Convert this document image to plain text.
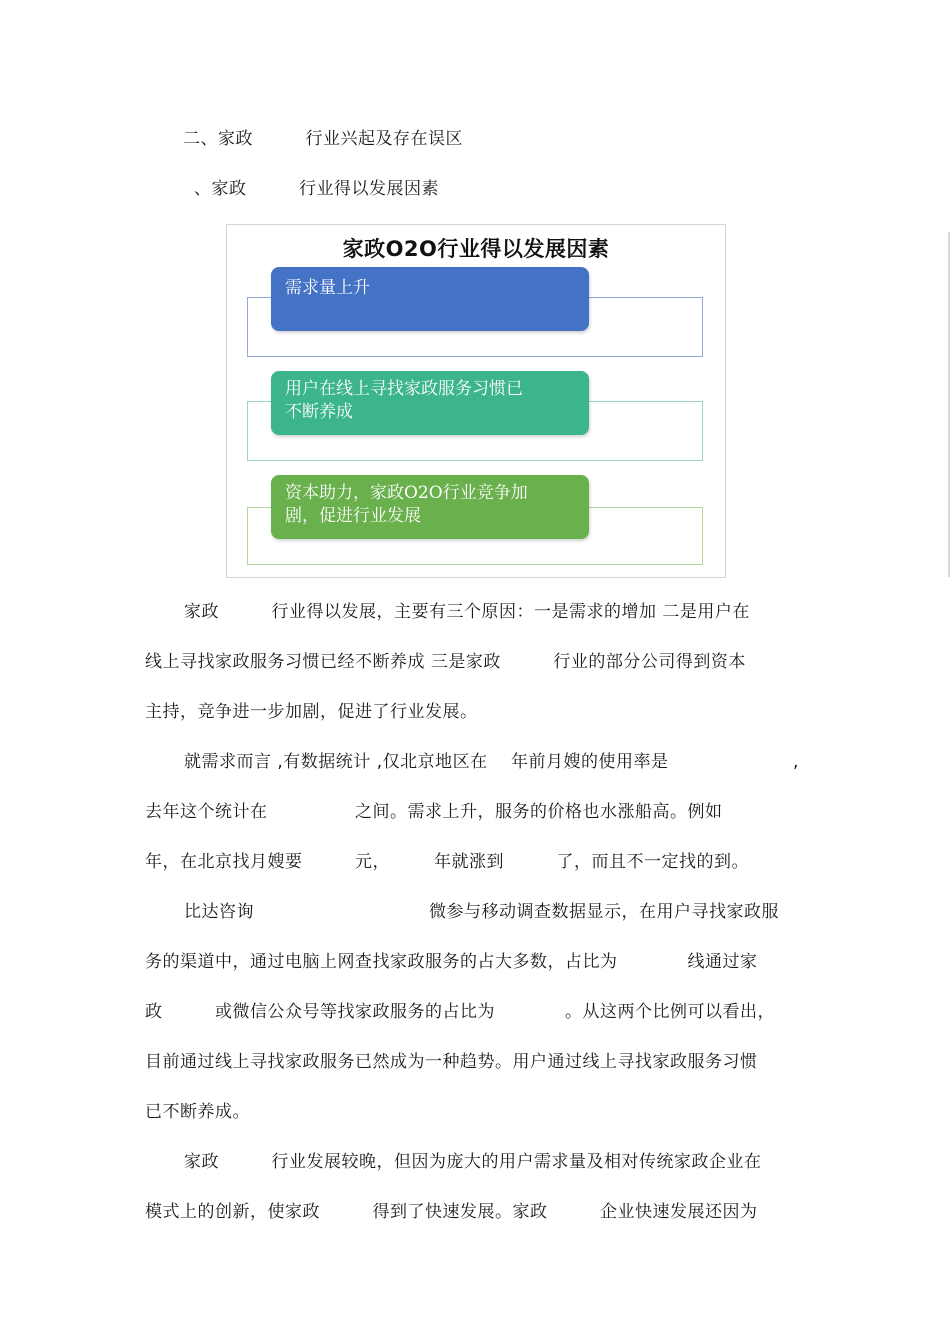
二、家政　　　行业兴起及存在误区
、家政　　　行业得以发展因素
家政O2O行业得以发展因素
需求量上升
用户在线上寻找家政服务习惯已
不断养成
资本助力，家政O2O行业竞争加
剧，促进行业发展
家政　　　行业得以发展，主要有三个原因：一是需求的增加 二是用户在
线上寻找家政服务习惯已经不断养成 三是家政　　　行业的部分公司得到资本
主持，竞争进一步加剧，促进了行业发展。
就需求而言 ,有数据统计 ,仅北京地区在　 年前月嫂的使用率是	,
去年这个统计在　　　　　之间。需求上升，服务的价格也水涨船高。例如
年，在北京找月嫂要　　　元，　　　年就涨到　　　了，而且不一定找的到。
比达咨询　　　　　　　　　　微参与移动调查数据显示，在用户寻找家政服
务的渠道中，通过电脑上网查找家政服务的占大多数，占比为　　　　线通过家
政　　　或微信公众号等找家政服务的占比为　　　　。从这两个比例可以看出，
目前通过线上寻找家政服务已然成为一种趋势。用户通过线上寻找家政服务习惯
已不断养成。
家政　　　行业发展较晚，但因为庞大的用户需求量及相对传统家政企业在
模式上的创新，使家政　　　得到了快速发展。家政　　　企业快速发展还因为
